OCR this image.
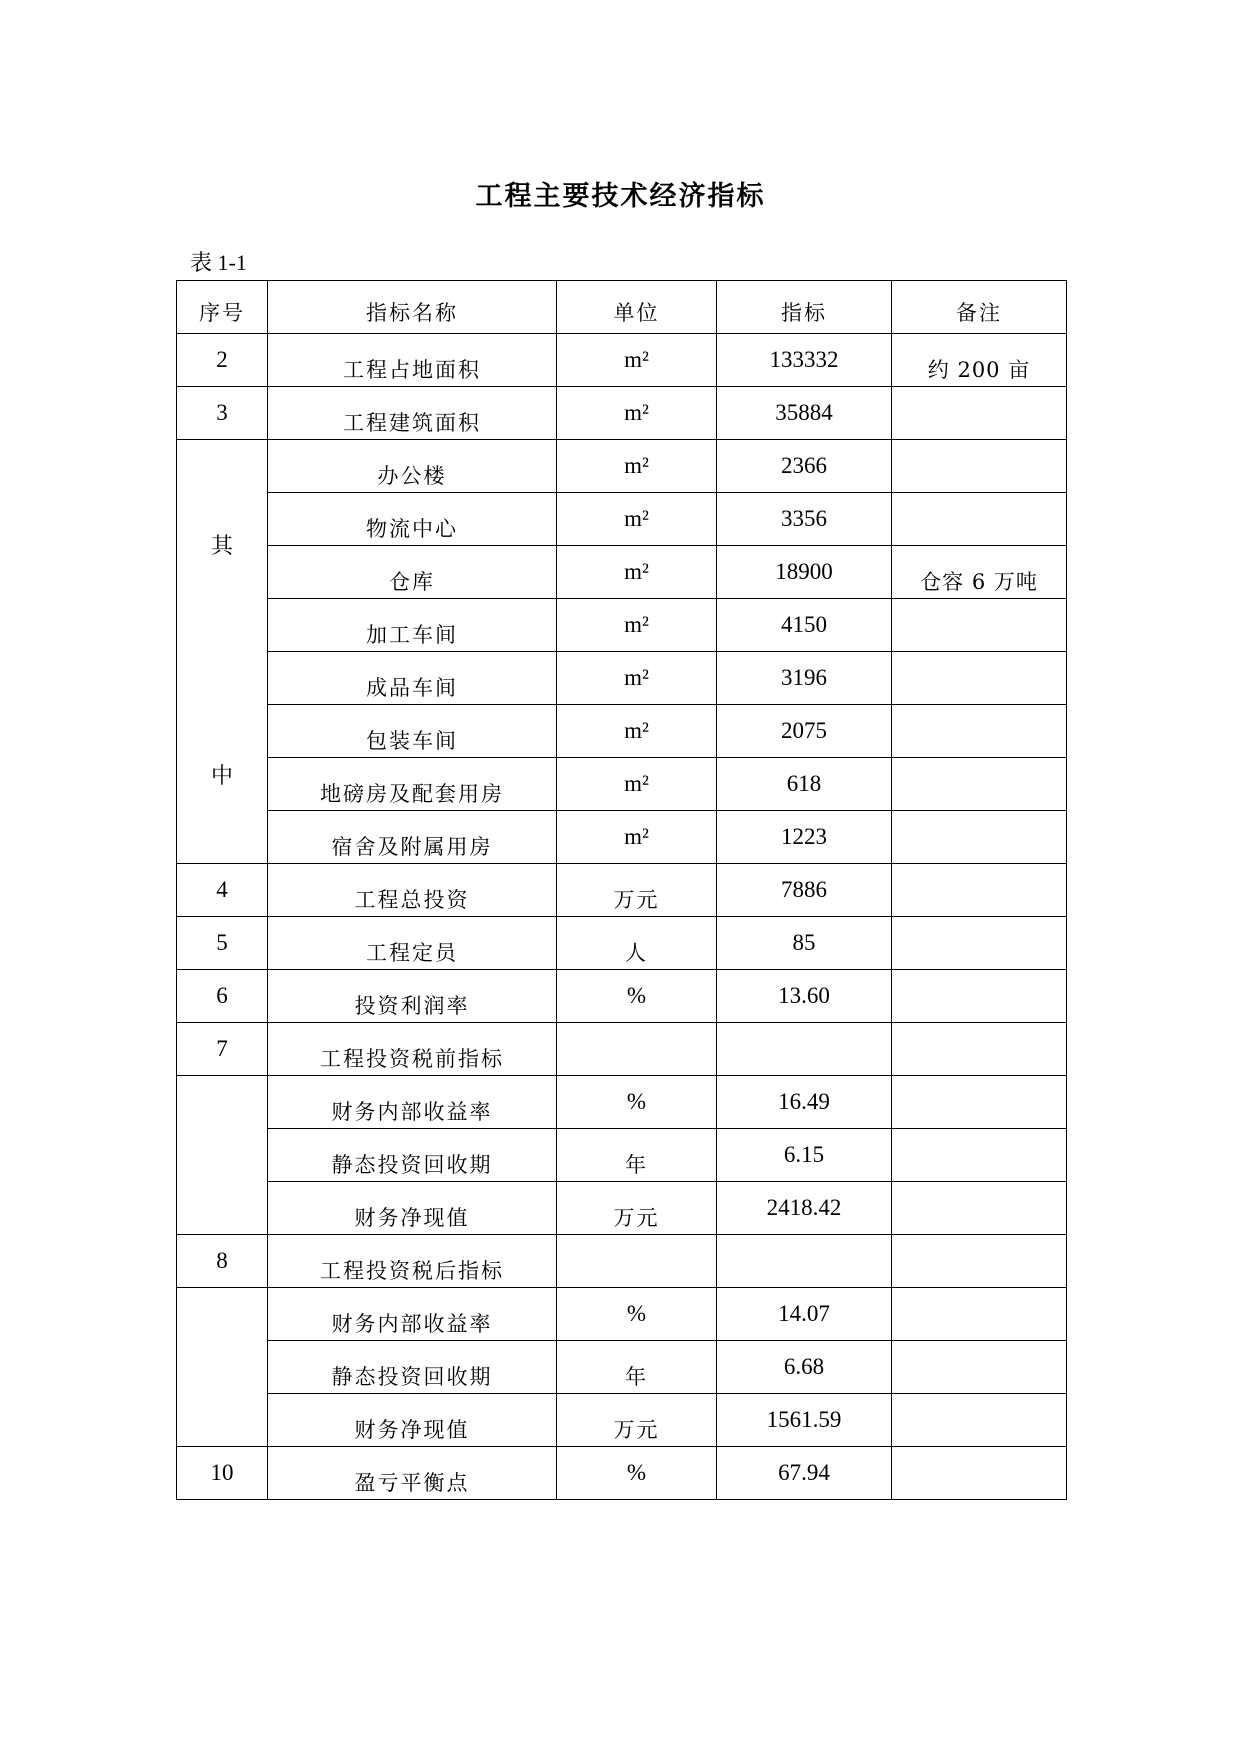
工程主要技术经济指标
表 1-1
序号	指标名称	单位	指标	备注

2	工程占地面积	m²	133332	约 200 亩

3	工程建筑面积	m²	35884	

其
中	办公楼	m²	2366	

	物流中心	m²	3356	

	仓库	m²	18900	仓容 6 万吨

	加工车间	m²	4150	

	成品车间	m²	3196	

	包装车间	m²	2075	

	地磅房及配套用房	m²	618	

	宿舍及附属用房	m²	1223	

4	工程总投资	万元	7886	

5	工程定员	人	85	

6	投资利润率	%	13.60	

7	工程投资税前指标			

	财务内部收益率	%	16.49	

	静态投资回收期	年	6.15	

	财务净现值	万元	2418.42	

8	工程投资税后指标			

	财务内部收益率	%	14.07	

	静态投资回收期	年	6.68	

	财务净现值	万元	1561.59	

10	盈亏平衡点	%	67.94	
